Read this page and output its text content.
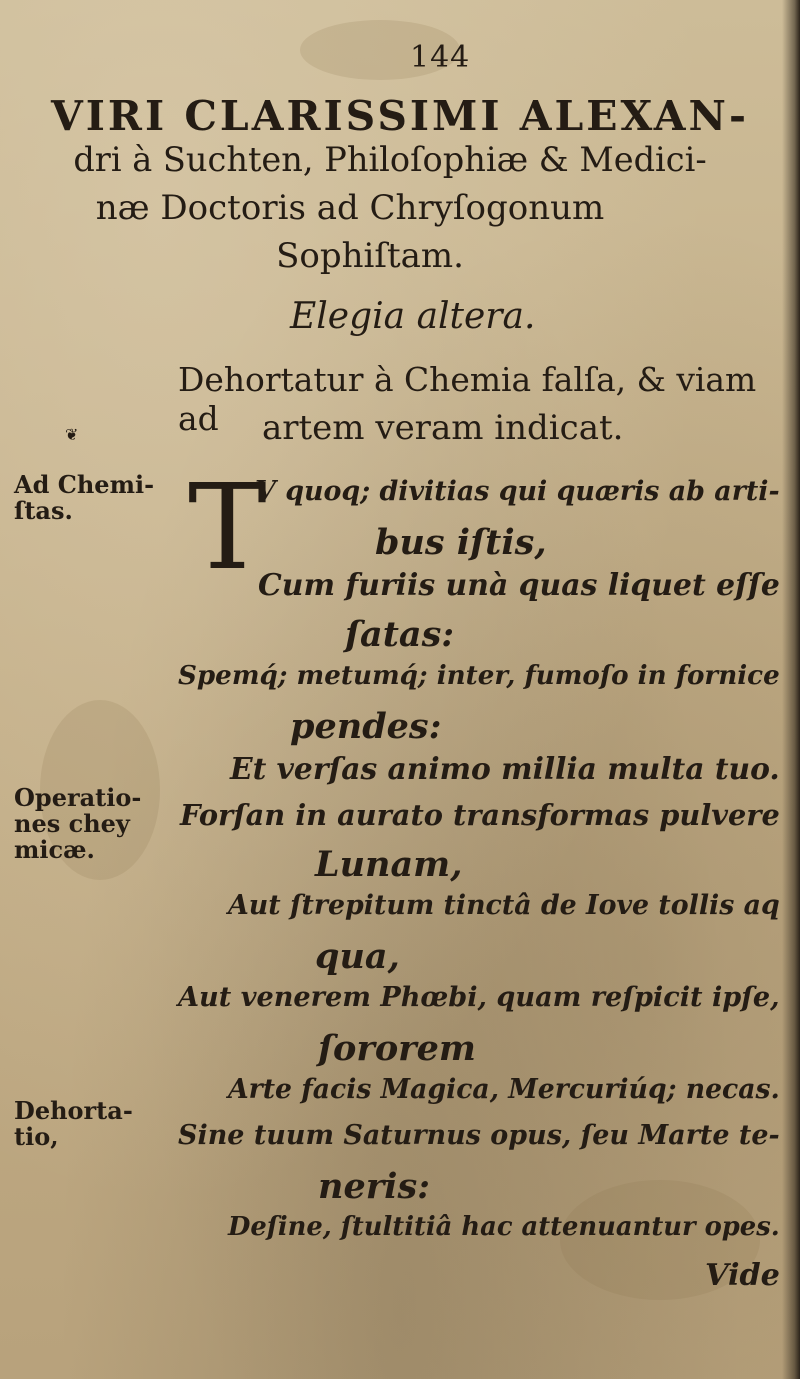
144
VIRI CLARISSIMI ALEXAN-
dri à Suchten, Philoſophiæ & Medici-
næ Doctoris ad Chryſogonum
Sophiſtam.
Elegia altera.
Dehortatur à Chemia falſa, & viam ad
❦	artem veram indicat.
Ad Chemi-
ſtas.
Operatio-
nes chey
micæ.
Dehorta-
tio,
T
V quoq; divitias qui quæris ab arti-
bus iſtis,
Cum furiis unà quas liquet eſſe
ſatas:
Spemq́; metumq́; inter, fumoſo in fornice
pendes:
Et verſas animo millia multa tuo.
Forſan in aurato transformas pulvere
Lunam,
Aut ſtrepitum tinctâ de Iove tollis aq
qua,
Aut venerem Phœbi, quam reſpicit ipſe,
ſororem
Arte facis Magica, Mercuriúq; necas.
Sine tuum Saturnus opus, ſeu Marte te-
neris:
Deſine, ſtultitiâ hac attenuantur opes.
Vide
